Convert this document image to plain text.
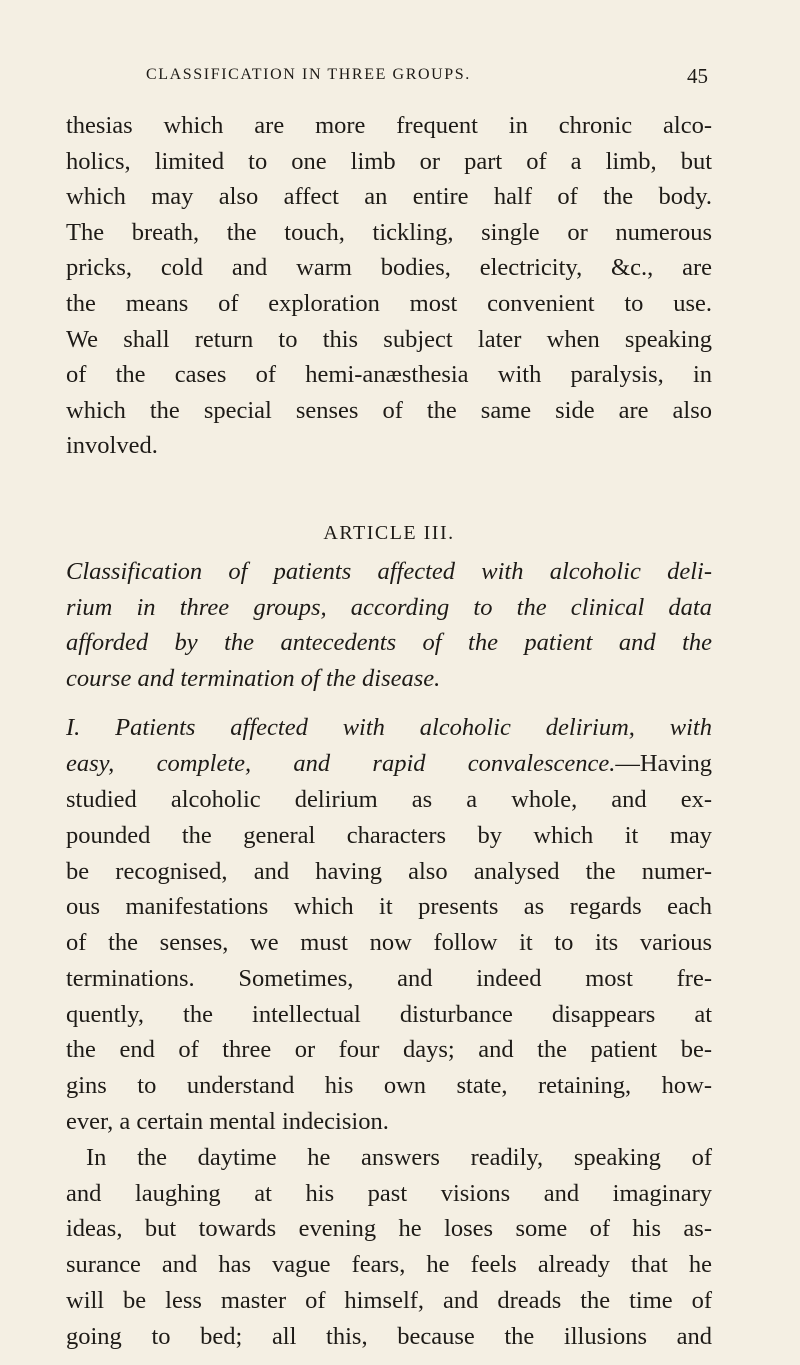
CLASSIFICATION IN THREE GROUPS.	45
thesias which are more frequent in chronic alco-
holics, limited to one limb or part of a limb, but
which may also affect an entire half of the body.
The breath, the touch, tickling, single or numerous
pricks, cold and warm bodies, electricity, &c., are
the means of exploration most convenient to use.
We shall return to this subject later when speaking
of the cases of hemi-anæsthesia with paralysis, in
which the special senses of the same side are also
involved.
ARTICLE III.
Classification of patients affected with alcoholic deli-
rium in three groups, according to the clinical data
afforded by the antecedents of the patient and the
course and termination of the disease.
I. Patients affected with alcoholic delirium, with
easy, complete, and rapid convalescence.—Having
studied alcoholic delirium as a whole, and ex-
pounded the general characters by which it may
be recognised, and having also analysed the numer-
ous manifestations which it presents as regards each
of the senses, we must now follow it to its various
terminations. Sometimes, and indeed most fre-
quently, the intellectual disturbance disappears at
the end of three or four days; and the patient be-
gins to understand his own state, retaining, how-
ever, a certain mental indecision.
In the daytime he answers readily, speaking of
and laughing at his past visions and imaginary
ideas, but towards evening he loses some of his as-
surance and has vague fears, he feels already that he
will be less master of himself, and dreads the time of
going to bed; all this, because the illusions and
